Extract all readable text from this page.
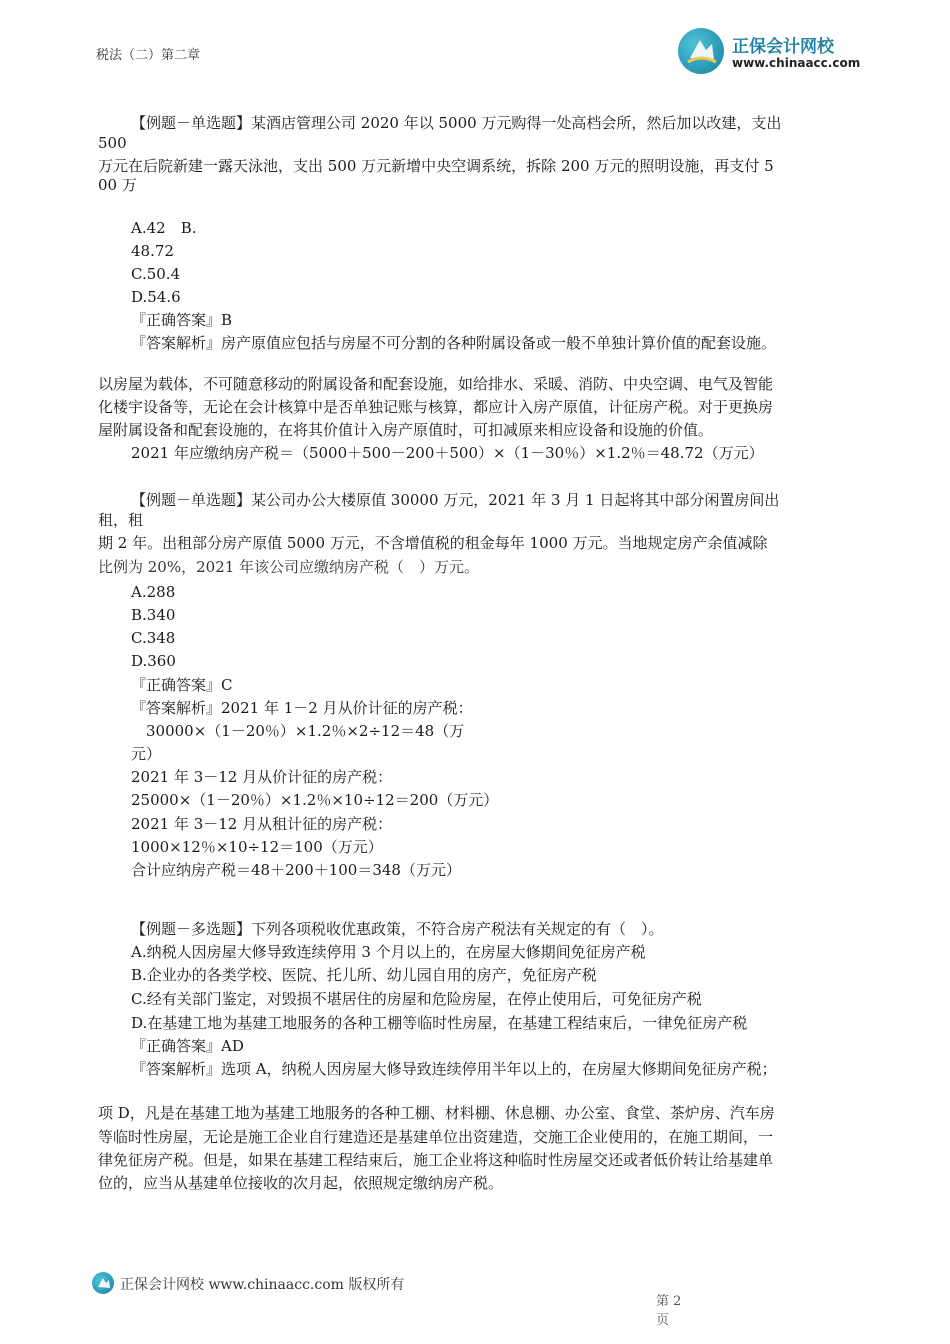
税法（二）第二章	正保会计网校
www.chinaacc.com
【例题－单选题】某酒店管理公司 2020 年以 5000 万元购得一处高档会所，然后加以改建，支出
500
万元在后院新建一露天泳池，支出 500 万元新增中央空调系统，拆除 200 万元的照明设施，再支付 5
00 万
A.42　B.
48.72
C.50.4
D.54.6
『正确答案』B
『答案解析』房产原值应包括与房屋不可分割的各种附属设备或一般不单独计算价值的配套设施。
以房屋为载体，不可随意移动的附属设备和配套设施，如给排水、采暖、消防、中央空调、电气及智能
化楼宇设备等，无论在会计核算中是否单独记账与核算，都应计入房产原值，计征房产税。对于更换房
屋附属设备和配套设施的，在将其价值计入房产原值时，可扣减原来相应设备和设施的价值。
2021 年应缴纳房产税＝（5000＋500－200＋500）×（1－30％）×1.2％＝48.72（万元）
【例题－单选题】某公司办公大楼原值 30000 万元，2021 年 3 月 1 日起将其中部分闲置房间出
租，租
期 2 年。出租部分房产原值 5000 万元，不含增值税的租金每年 1000 万元。当地规定房产余值减除
比例为 20%，2021 年该公司应缴纳房产税（　）万元。
A.288
B.340
C.348
D.360
『正确答案』C
『答案解析』2021 年 1－2 月从价计征的房产税：
30000×（1－20％）×1.2％×2÷12＝48（万
元）
2021 年 3－12 月从价计征的房产税：
25000×（1－20％）×1.2％×10÷12＝200（万元）
2021 年 3－12 月从租计征的房产税：
1000×12％×10÷12＝100（万元）
合计应纳房产税＝48＋200＋100＝348（万元）
【例题－多选题】下列各项税收优惠政策，不符合房产税法有关规定的有（　）。
A.纳税人因房屋大修导致连续停用 3 个月以上的，在房屋大修期间免征房产税
B.企业办的各类学校、医院、托儿所、幼儿园自用的房产，免征房产税
C.经有关部门鉴定，对毁损不堪居住的房屋和危险房屋，在停止使用后，可免征房产税
D.在基建工地为基建工地服务的各种工棚等临时性房屋，在基建工程结束后，一律免征房产税
『正确答案』AD
『答案解析』选项 A，纳税人因房屋大修导致连续停用半年以上的，在房屋大修期间免征房产税；
项 D，凡是在基建工地为基建工地服务的各种工棚、材料棚、休息棚、办公室、食堂、茶炉房、汽车房
等临时性房屋，无论是施工企业自行建造还是基建单位出资建造，交施工企业使用的，在施工期间，一
律免征房产税。但是，如果在基建工程结束后，施工企业将这种临时性房屋交还或者低价转让给基建单
位的，应当从基建单位接收的次月起，依照规定缴纳房产税。
正保会计网校 www.chinaacc.com 版权所有
第 2 页
